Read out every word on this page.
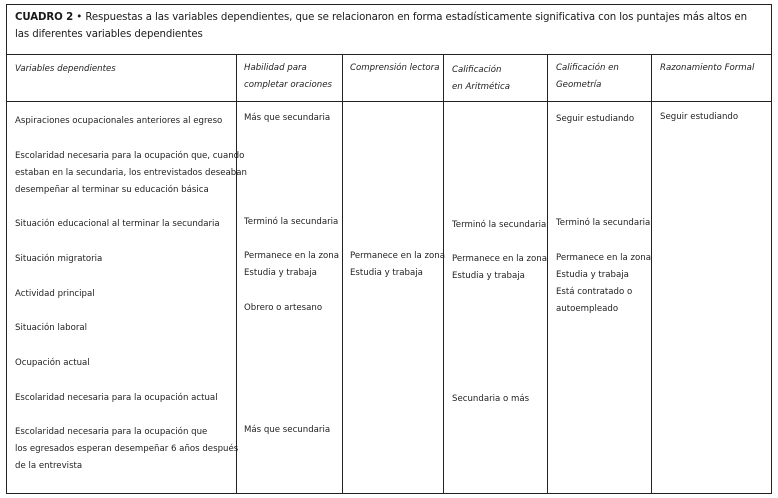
CUADRO 2 • Respuestas a las variables dependientes, que se relacionaron en forma estadísticamente significativa con los puntajes más altos en las diferentes variables dependientes
Variables dependientes	Habilidad para
completar oraciones
Comprensión lectora Calificación
en Aritmética
Calificación en
Geometría
Razonamiento Formal
Aspiraciones ocupacionales anteriores al egreso
Escolaridad necesaria para la ocupación que, cuando
estaban en la secundaria, los entrevistados deseaban
desempeñar al terminar su educación básica
Situación educacional al terminar la secundaria
Situación migratoria
Actividad principal
Situación laboral
Ocupación actual
Escolaridad necesaria para la ocupación actual
Escolaridad necesaria para la ocupación que
los egresados esperan desempeñar 6 años después
de la entrevista
Más que secundaria
Terminó la secundaria
Permanece en la zona
Estudia y trabaja
Obrero o artesano
Más que secundaria
Permanece en la zona
Estudia y trabaja
Terminó la secundaria
Permanece en la zona
Estudia y trabaja
Secundaria o más
Seguir estudiando
Terminó la secundaria
Permanece en la zona
Estudia y trabaja
Está contratado o
autoempleado
Seguir estudiando
